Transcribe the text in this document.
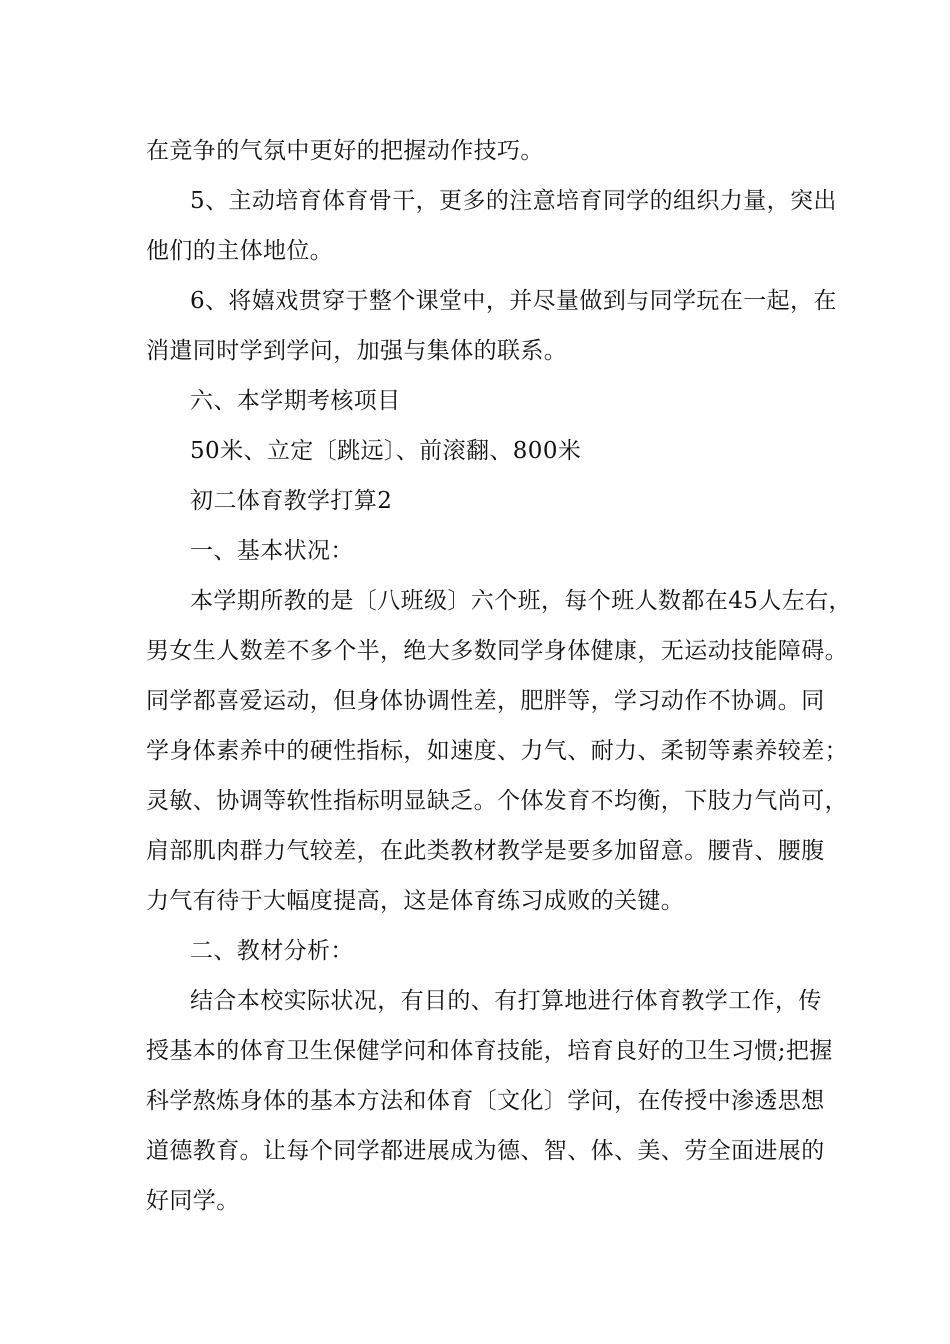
在竞争的气氛中更好的把握动作技巧。
5、主动培育体育骨干，更多的注意培育同学的组织力量，突出
他们的主体地位。
6、将嬉戏贯穿于整个课堂中，并尽量做到与同学玩在一起，在
消遣同时学到学问，加强与集体的联系。
六、本学期考核项目
50米、立定〔跳远〕、前滚翻、800米
初二体育教学打算2
一、基本状况：
本学期所教的是〔八班级〕六个班，每个班人数都在45人左右，
男女生人数差不多个半，绝大多数同学身体健康，无运动技能障碍。
同学都喜爱运动，但身体协调性差，肥胖等，学习动作不协调。同
学身体素养中的硬性指标，如速度、力气、耐力、柔韧等素养较差；
灵敏、协调等软性指标明显缺乏。个体发育不均衡，下肢力气尚可，
肩部肌肉群力气较差，在此类教材教学是要多加留意。腰背、腰腹
力气有待于大幅度提高，这是体育练习成败的关键。
二、教材分析：
结合本校实际状况，有目的、有打算地进行体育教学工作，传
授基本的体育卫生保健学问和体育技能，培育良好的卫生习惯;把握
科学熬炼身体的基本方法和体育〔文化〕学问，在传授中渗透思想
道德教育。让每个同学都进展成为德、智、体、美、劳全面进展的
好同学。
